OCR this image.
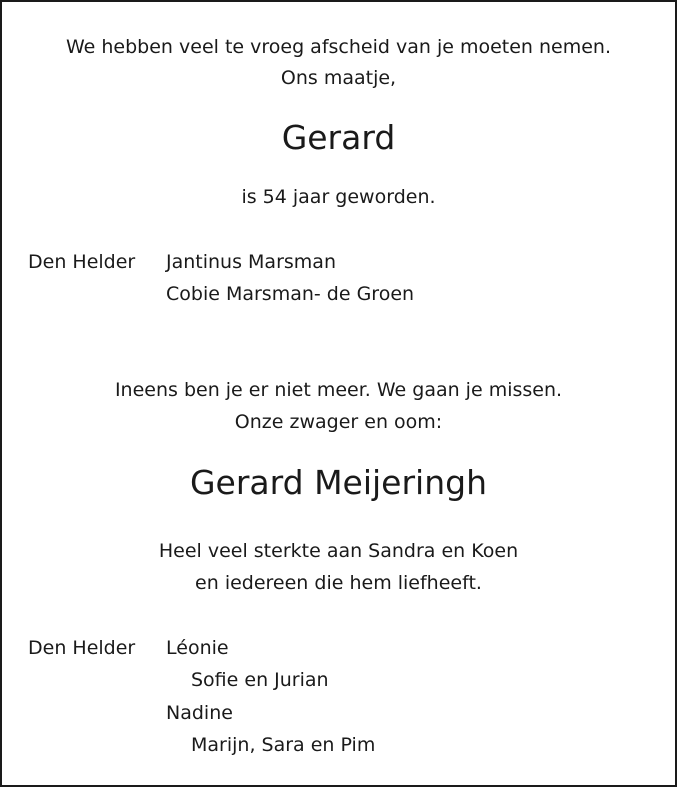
We hebben veel te vroeg afscheid van je moeten nemen.
Ons maatje,
Gerard
is 54 jaar geworden.
Den Helder Jantinus Marsman
Cobie Marsman- de Groen
Ineens ben je er niet meer. We gaan je missen.
Onze zwager en oom:
Gerard Meijeringh
Heel veel sterkte aan Sandra en Koen
en iedereen die hem liefheeft.
Den Helder Léonie
Sofie en Jurian
Nadine
Marijn, Sara en Pim
